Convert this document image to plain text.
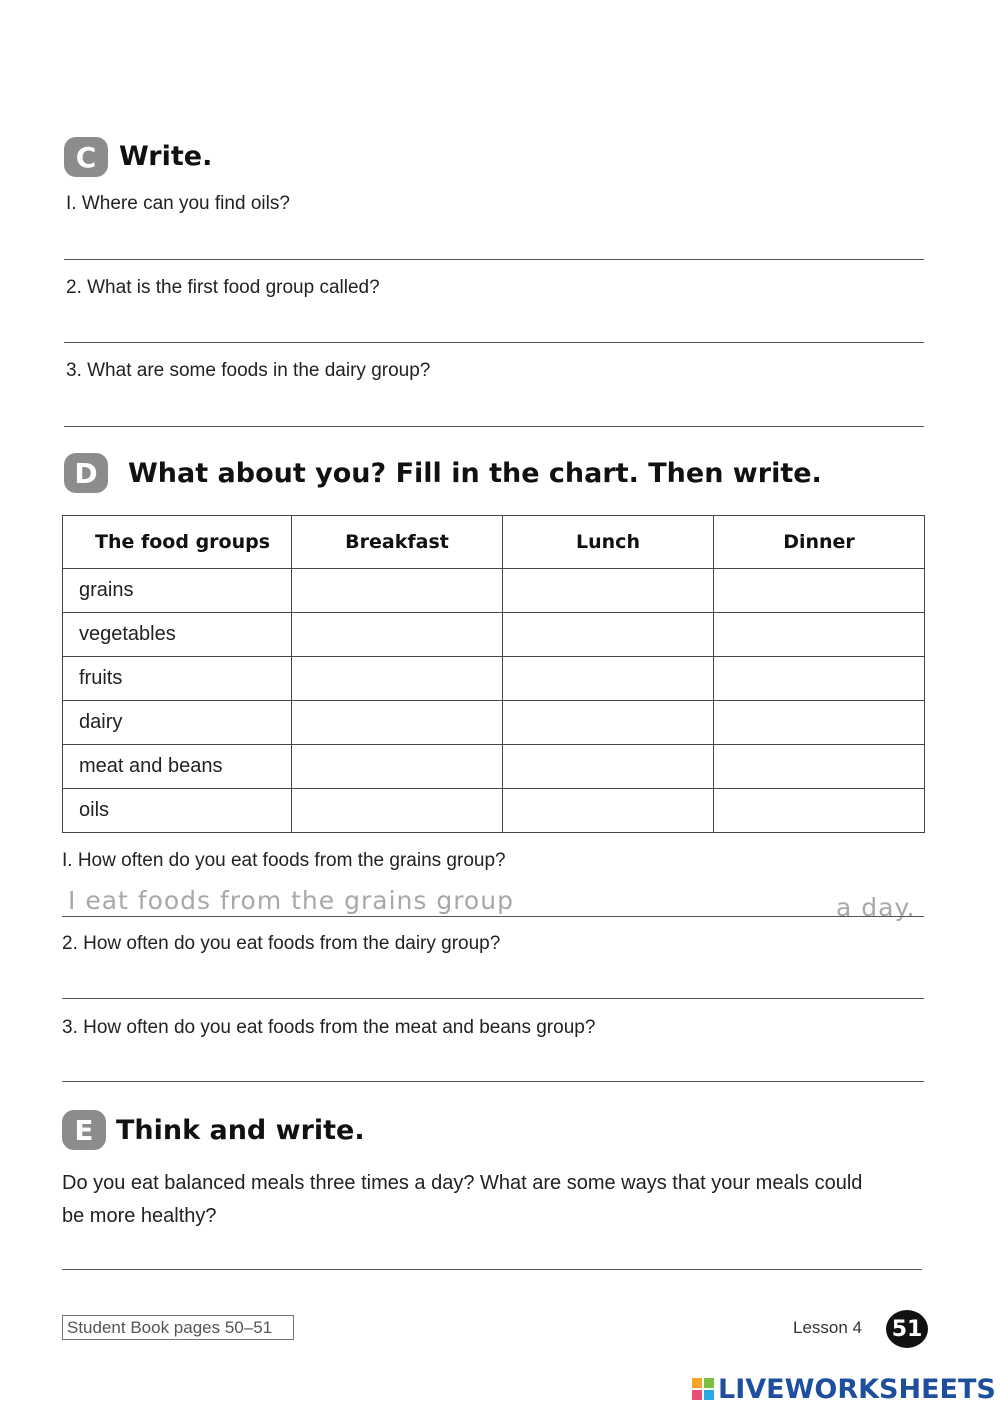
C Write.
I. Where can you find oils?
2. What is the first food group called?
3. What are some foods in the dairy group?
D	What about you? Fill in the chart. Then write.
The food groups	Breakfast	Lunch	Dinner
grains			
vegetables			
fruits			
dairy			
meat and beans			
oils			
I. How often do you eat foods from the grains group?
I eat foods from the grains group	a day.
2. How often do you eat foods from the dairy group?
3. How often do you eat foods from the meat and beans group?
E Think and write.
Do you eat balanced meals three times a day? What are some ways that your meals could
be more healthy?
Student Book pages 50–51	Lesson 4 51
LIVEWORKSHEETS
